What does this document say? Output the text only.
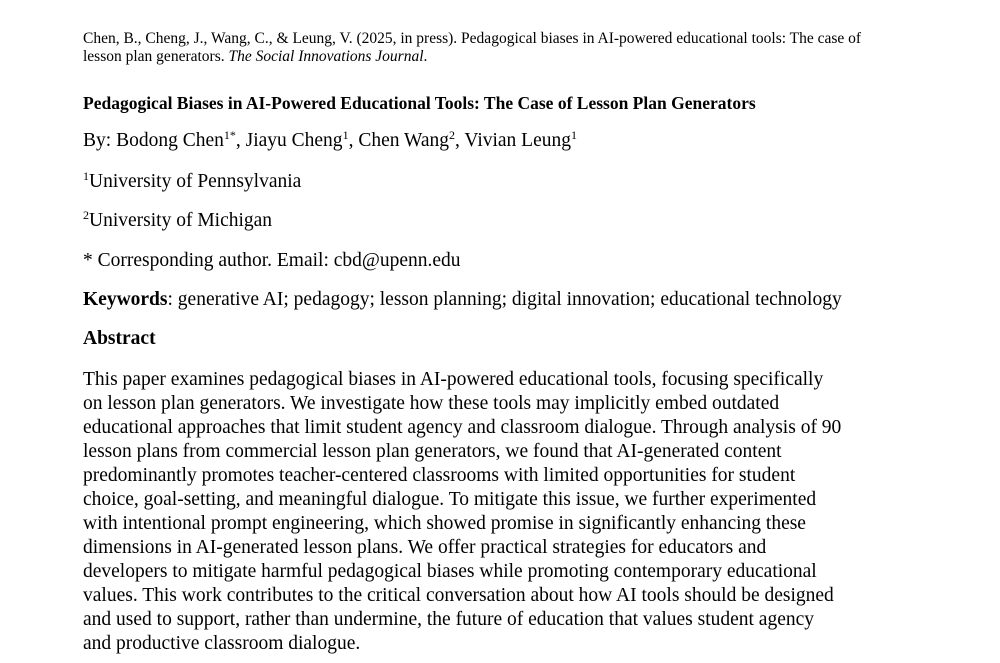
Chen, B., Cheng, J., Wang, C., & Leung, V. (2025, in press). Pedagogical biases in AI-powered educational tools: The case of lesson plan generators. The Social Innovations Journal.
Pedagogical Biases in AI-Powered Educational Tools: The Case of Lesson Plan Generators
By: Bodong Chen$^{1*}$, Jiayu Cheng$^1$, Chen Wang$^2$, Vivian Leung$^1$
$^1$University of Pennsylvania
$^2$University of Michigan
* Corresponding author. Email: cbd@upenn.edu
Keywords: generative AI; pedagogy; lesson planning; digital innovation; educational technology
Abstract
This paper examines pedagogical biases in AI-powered educational tools, focusing specifically
on lesson plan generators. We investigate how these tools may implicitly embed outdated
educational approaches that limit student agency and classroom dialogue. Through analysis of 90
lesson plans from commercial lesson plan generators, we found that AI-generated content
predominantly promotes teacher-centered classrooms with limited opportunities for student
choice, goal-setting, and meaningful dialogue. To mitigate this issue, we further experimented
with intentional prompt engineering, which showed promise in significantly enhancing these
dimensions in AI-generated lesson plans. We offer practical strategies for educators and
developers to mitigate harmful pedagogical biases while promoting contemporary educational
values. This work contributes to the critical conversation about how AI tools should be designed
and used to support, rather than undermine, the future of education that values student agency
and productive classroom dialogue.
